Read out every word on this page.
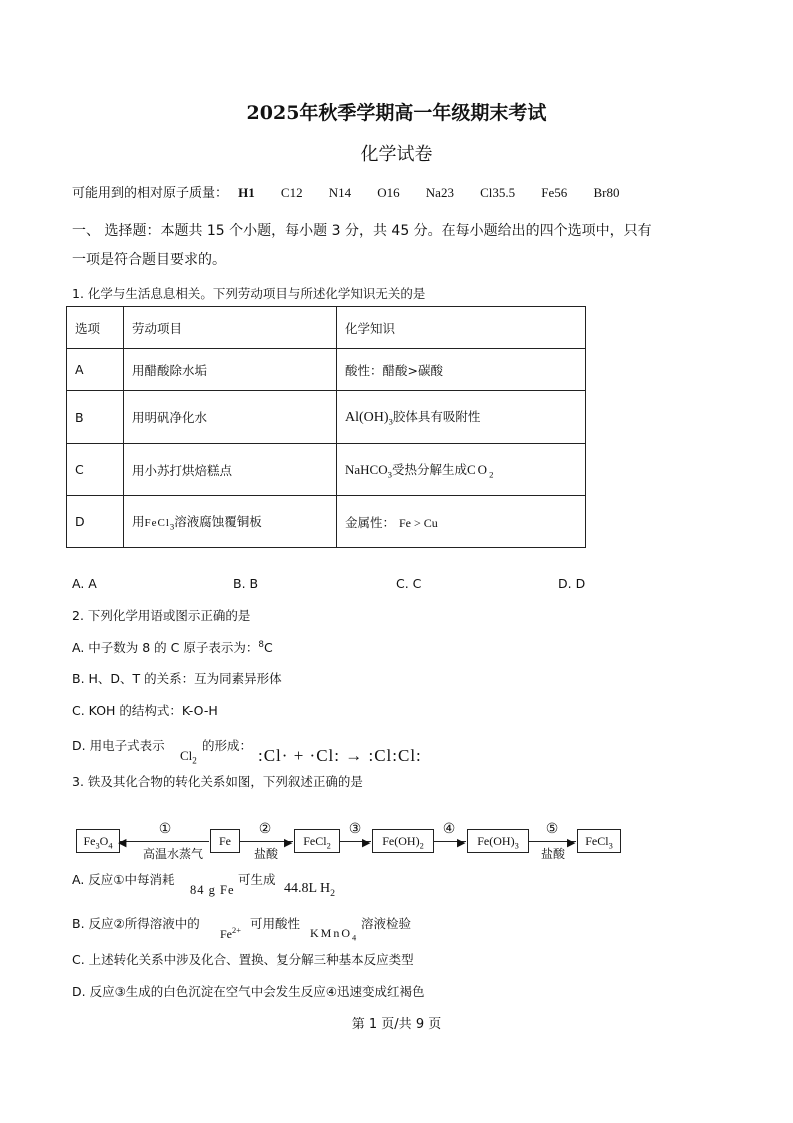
2025年秋季学期高一年级期末考试
化学试卷
可能用到的相对原子质量： H1 C12 N14 O16 Na23 Cl35.5 Fe56 Br80
一、 选择题：本题共 15 个小题，每小题 3 分，共 45 分。在每小题给出的四个选项中，只有
一项是符合题目要求的。
1. 化学与生活息息相关。下列劳动项目与所述化学知识无关的是
选项	劳动项目	化学知识
A	用醋酸除水垢	酸性：醋酸>碳酸
B	用明矾净化水	$Al(OH)_3$胶体具有吸附性
C	用小苏打烘焙糕点	NaHCO$_3$受热分解生成$CO_2$
D	用FeCl$_3$溶液腐蚀覆铜板	金属性： Fe > Cu
A. A	B. B	C. C	D. D
2. 下列化学用语或图示正确的是
A. 中子数为 8 的 C 原子表示为：$^8$C
B. H、D、T 的关系：互为同素异形体
C. KOH 的结构式：K-O-H
D. 用电子式表示
$Cl_2$
的形成：
:Cl· + ·Cl: → :Cl:Cl:
3. 铁及其化合物的转化关系如图，下列叙述正确的是
$Fe_3O_4$ ◀
①
高温水蒸气
Fe	▶
②
盐酸
FeCl$_2$	▶
③
$Fe(OH)_2$	▶
④
$Fe(OH)_3$	▶
⑤
盐酸
FeCl$_3$
A. 反应①中每消耗
84 g Fe
可生成
44.8L $H_2$
B. 反应②所得溶液中的
$Fe^{2+}$ 可用酸性
KMnO$_4$
溶液检验
C. 上述转化关系中涉及化合、置换、复分解三种基本反应类型
D. 反应③生成的白色沉淀在空气中会发生反应④迅速变成红褐色
第 1 页/共 9 页
